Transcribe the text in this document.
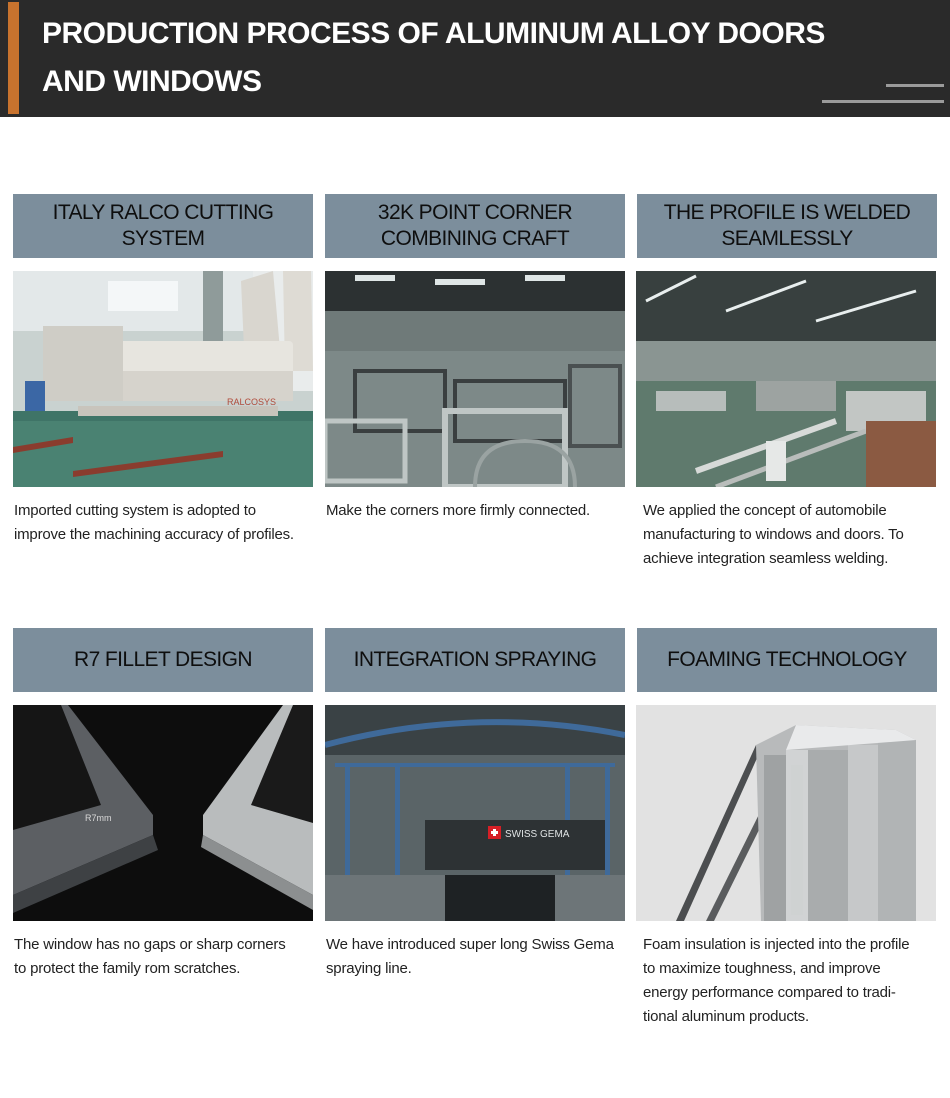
PRODUCTION PROCESS OF ALUMINUM ALLOY DOORS
AND WINDOWS
ITALY RALCO CUTTING SYSTEM
RALCOSYS
Imported cutting system is adopted to
improve the machining accuracy of profiles.
32K POINT CORNER
COMBINING CRAFT
Make the corners more firmly connected.
THE PROFILE IS WELDED
SEAMLESSLY
We applied the concept of automobile
manufacturing to windows and doors. To
achieve integration seamless welding.
R7 FILLET DESIGN
R7mm
The window has no gaps or sharp corners
to protect the family rom scratches.
INTEGRATION SPRAYING
SWISS GEMA
We have introduced super long Swiss Gema
spraying line.
FOAMING TECHNOLOGY
Foam insulation is injected into the profile
to maximize toughness, and improve
energy performance compared to tradi-
tional aluminum products.
